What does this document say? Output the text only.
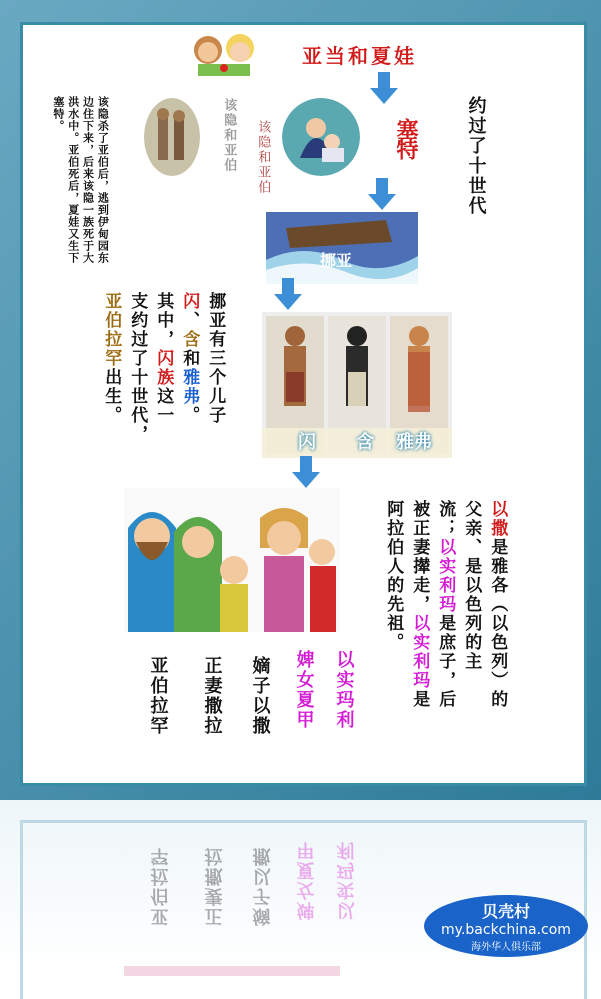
亚当和夏娃
塞特
该隐和亚伯
该隐和亚伯
该隐杀了亚伯后，逃到伊甸园东边住下来，后来该隐一族死于大洪水中。亚伯死后，夏娃又生下塞特。	约过了十世代
挪亚
闪 含 雅弗
挪亚有三个儿子
闪、含和雅弗。
其中，闪族这一
支约过了十世代，
亚伯拉罕出生。
以撒是雅各（以色列）的
父亲、是以色列的主
流；以实利玛是庶子，后
被正妻撵走，以实利玛是
阿拉伯人的先祖。
以实玛利
婢女夏甲
嫡子以撒
正妻撒拉
亚伯拉罕
以实玛利
婢女夏甲
嫡子以撒
正妻撒拉
亚伯拉罕	贝壳村
my.backchina.com
海外华人俱乐部
